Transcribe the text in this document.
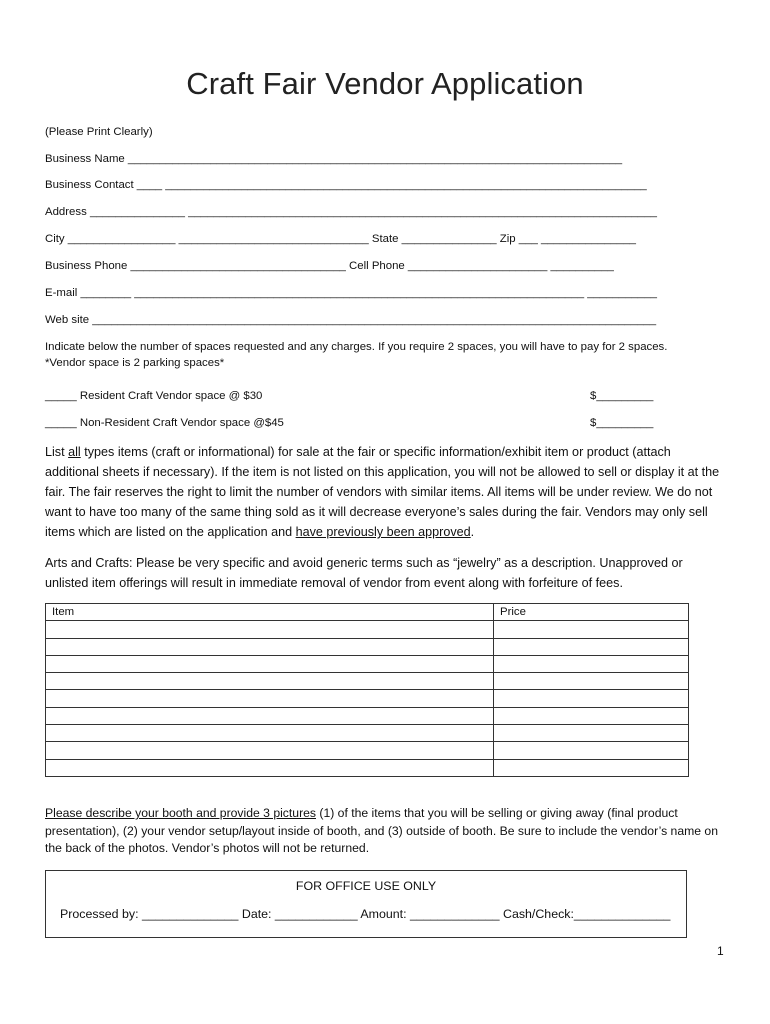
Craft Fair Vendor Application
(Please Print Clearly)
Business Name ______________________________________________________________________________
Business Contact ____ ____________________________________________________________________________
Address _______________ __________________________________________________________________________
City _________________ ______________________________ State _______________ Zip ___ _______________
Business Phone __________________________________ Cell Phone ______________________ __________
E-mail ________ _______________________________________________________________________ ___________
Web site _________________________________________________________________________________________
Indicate below the number of spaces requested and any charges. If you require 2 spaces, you will have to pay for 2 spaces.
*Vendor space is 2 parking spaces*
_____ Resident Craft Vendor space @ $30	$_________
_____ Non-Resident Craft Vendor space @$45	$_________
List all types items (craft or informational) for sale at the fair or specific information/exhibit item or product (attach additional sheets if necessary). If the item is not listed on this application, you will not be allowed to sell or display it at the fair. The fair reserves the right to limit the number of vendors with similar items. All items will be under review. We do not want to have too many of the same thing sold as it will decrease everyone’s sales during the fair. Vendors may only sell items which are listed on the application and have previously been approved.
Arts and Crafts: Please be very specific and avoid generic terms such as “jewelry” as a description. Unapproved or unlisted item offerings will result in immediate removal of vendor from event along with forfeiture of fees.
Item	Price

Please describe your booth and provide 3 pictures (1) of the items that you will be selling or giving away (final product presentation), (2) your vendor setup/layout inside of booth, and (3) outside of booth. Be sure to include the vendor’s name on the back of the photos. Vendor’s photos will not be returned.
FOR OFFICE USE ONLY
Processed by: ______________ Date: ____________ Amount: _____________ Cash/Check:______________
1
